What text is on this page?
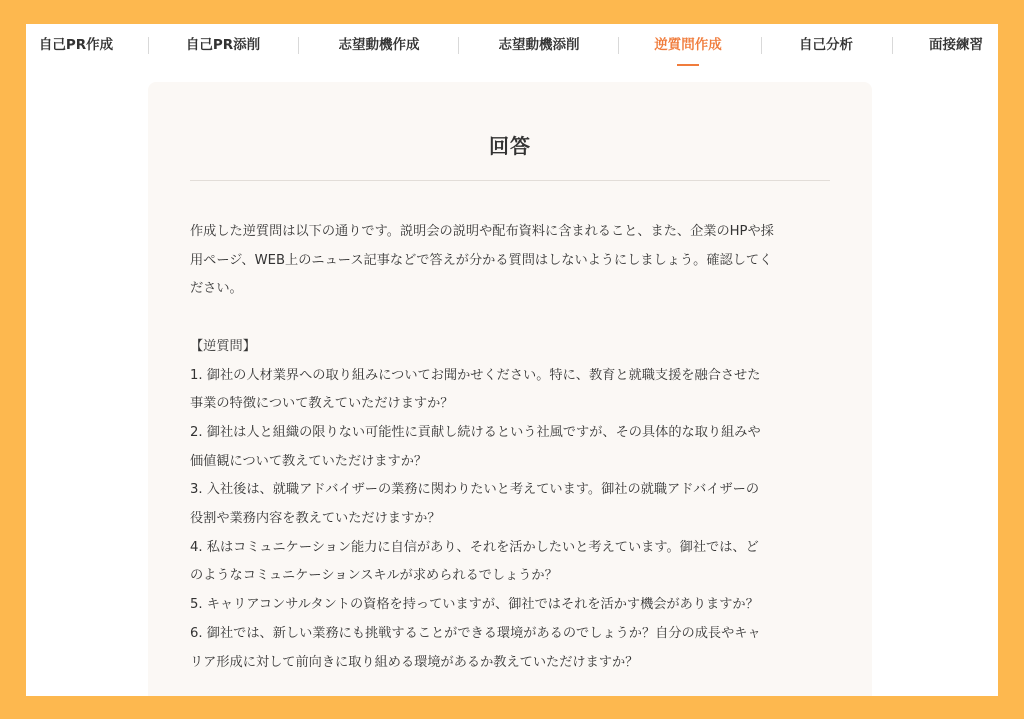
自己PR作成	自己PR添削	志望動機作成	志望動機添削	逆質問作成	自己分析	面接練習
回答

作成した逆質問は以下の通りです。説明会の説明や配布資料に含まれること、また、企業のHPや採

用ページ、WEB上のニュース記事などで答えが分かる質問はしないようにしましょう。確認してく

ださい。

【逆質問】

1. 御社の人材業界への取り組みについてお聞かせください。特に、教育と就職支援を融合させた

事業の特徴について教えていただけますか？

2. 御社は人と組織の限りない可能性に貢献し続けるという社風ですが、その具体的な取り組みや

価値観について教えていただけますか？

3. 入社後は、就職アドバイザーの業務に関わりたいと考えています。御社の就職アドバイザーの

役割や業務内容を教えていただけますか？

4. 私はコミュニケーション能力に自信があり、それを活かしたいと考えています。御社では、ど

のようなコミュニケーションスキルが求められるでしょうか？

5. キャリアコンサルタントの資格を持っていますが、御社ではそれを活かす機会がありますか？

6. 御社では、新しい業務にも挑戦することができる環境があるのでしょうか？自分の成長やキャ

リア形成に対して前向きに取り組める環境があるか教えていただけますか？
